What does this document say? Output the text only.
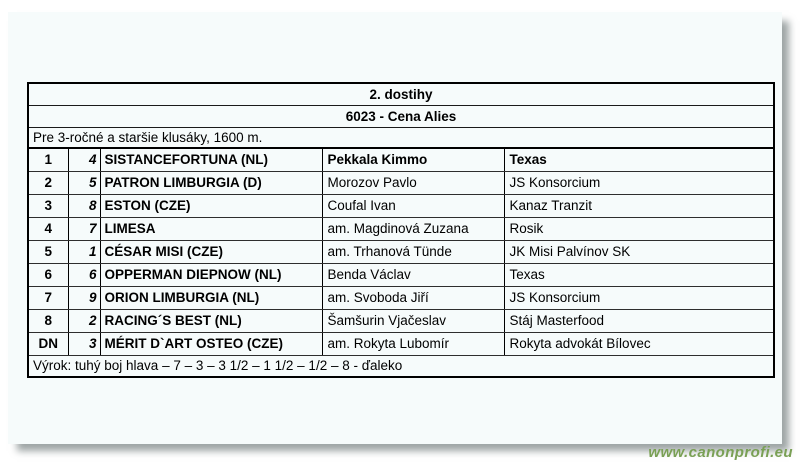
2. dostihy				
6023 - Cena Alies				
Pre 3-ročné a staršie klusáky, 1600 m.				
1	4	SISTANCEFORTUNA (NL)	Pekkala Kimmo	Texas
2	5	PATRON LIMBURGIA (D)	Morozov Pavlo	JS Konsorcium
3	8	ESTON (CZE)	Coufal Ivan	Kanaz Tranzit
4	7	LIMESA	am. Magdinová Zuzana	Rosik
5	1	CÉSAR MISI (CZE)	am. Trhanová Tünde	JK Misi Palvínov SK
6	6	OPPERMAN DIEPNOW (NL)	Benda Václav	Texas
7	9	ORION LIMBURGIA (NL)	am. Svoboda Jiří	JS Konsorcium
8	2	RACING´S BEST (NL)	Šamšurin Vjačeslav	Stáj Masterfood
DN	3	MÉRIT D`ART OSTEO (CZE)	am. Rokyta Lubomír	Rokyta advokát Bílovec
Výrok: tuhý boj hlava – 7 – 3 – 3 1/2 – 1 1/2 – 1/2 – 8 - ďaleko				
www.canonprofi.eu
